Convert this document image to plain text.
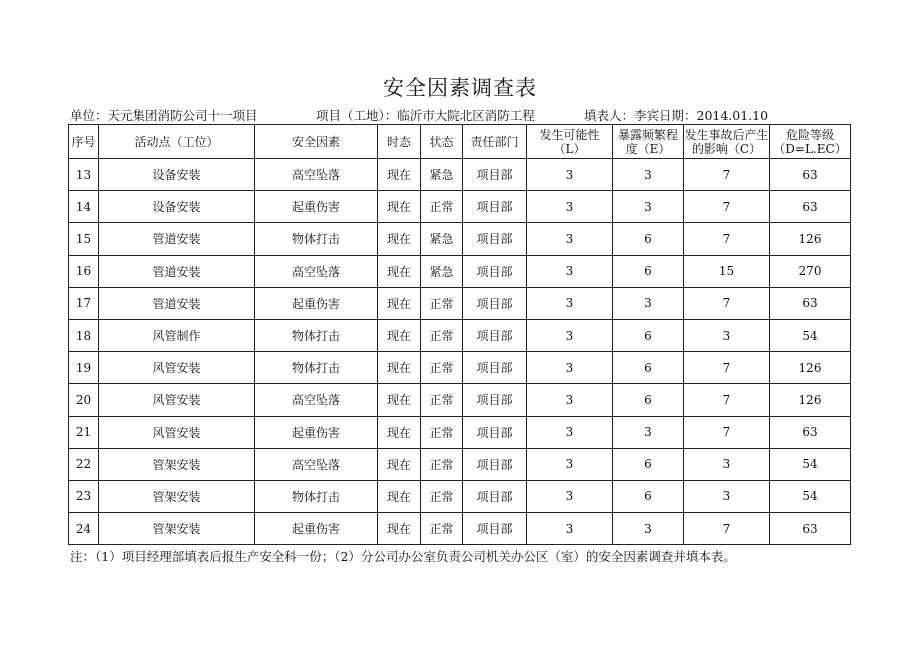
安全因素调查表
单位：天元集团消防公司十一项目	项目（工地）：临沂市大院北区消防工程	填表人：李宾日期：2014.01.10
序号	活动点（工位）	安全因素	时态	状态	责任部门	发生可能性（L）	暴露频繁程度（E）	发生事故后产生的影响（C）	危险等级（D=L.EC）
13	设备安装	高空坠落	现在	紧急	项目部	3	3	7	63
14	设备安装	起重伤害	现在	正常	项目部	3	3	7	63
15	管道安装	物体打击	现在	紧急	项目部	3	6	7	126
16	管道安装	高空坠落	现在	紧急	项目部	3	6	15	270
17	管道安装	起重伤害	现在	正常	项目部	3	3	7	63
18	风管制作	物体打击	现在	正常	项目部	3	6	3	54
19	风管安装	物体打击	现在	正常	项目部	3	6	7	126
20	风管安装	高空坠落	现在	正常	项目部	3	6	7	126
21	风管安装	起重伤害	现在	正常	项目部	3	3	7	63
22	管架安装	高空坠落	现在	正常	项目部	3	6	3	54
23	管架安装	物体打击	现在	正常	项目部	3	6	3	54
24	管架安装	起重伤害	现在	正常	项目部	3	3	7	63
注：（1）项目经理部填表后报生产安全科一份；（2）分公司办公室负责公司机关办公区（室）的安全因素调查并填本表。
